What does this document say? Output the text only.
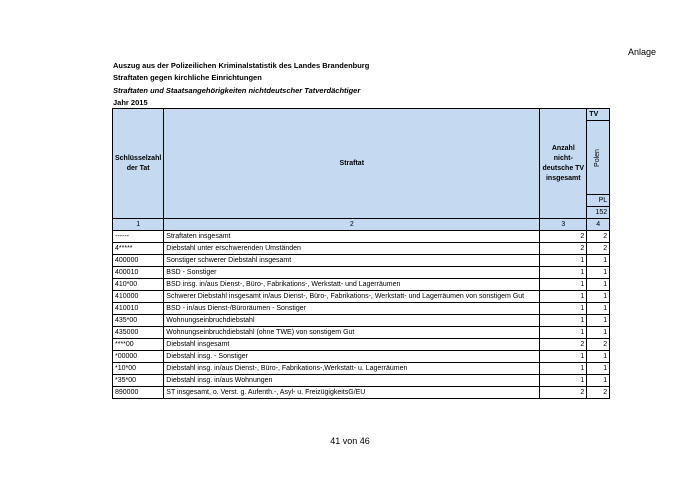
Anlage
Auszug aus der Polizeilichen Kriminalstatistik des Landes Brandenburg
Straftaten gegen kirchliche Einrichtungen
Straftaten und Staatsangehörigkeiten nichtdeutscher Tatverdächtiger
Jahr 2015
Schlüsselzahl der Tat	Straftat	Anzahl nicht-deutsche TV insgesamt	TV
			Polen
			PL
			152
1	2	3	4
------	Straftaten insgesamt	2	2
4*****	Diebstahl unter erschwerenden Umständen	2	2
400000	Sonstiger schwerer Diebstahl insgesamt	1	1
400010	BSD - Sonstiger	1	1
410*00	BSD insg. in/aus Dienst-, Büro-, Fabrikations-, Werkstatt- und Lagerräumen	1	1
410000	Schwerer Diebstahl insgesamt in/aus Dienst-, Büro-, Fabrikations-, Werkstatt- und Lagerräumen von sonstigem Gut	1	1
410010	BSD - in/aus Dienst-/Büroräumen - Sonstiger	1	1
435*00	Wohnungseinbruchdiebstahl	1	1
435000	Wohnungseinbruchdiebstahl (ohne TWE) von sonstigem Gut	1	1
****00	Diebstahl insgesamt	2	2
*00000	Diebstahl insg. - Sonstiger	1	1
*10*00	Diebstahl insg. in/aus Dienst-, Büro-, Fabrikations-,Werkstatt- u. Lagerräumen	1	1
*35*00	Diebstahl insg. in/aus Wohnungen	1	1
890000	ST insgesamt, o. Verst. g. Aufenth.-, Asyl- u. FreizügigkeitsG/EU	2	2
41 von 46
